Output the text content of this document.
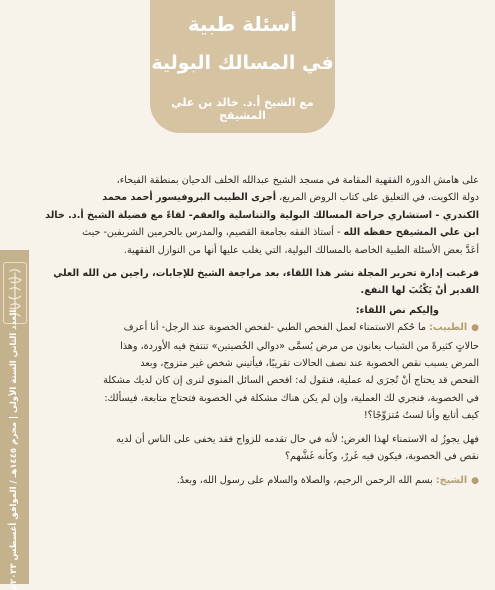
أسئلة طبية
في المسالك البولية
مع الشيخ أ.د. خالد بن علي المشيقح
العدد الثاني السنة الأولى | محرم ١٤٤٥هـ / الموافق أغسطس ٢٠٢٣م

على هامش الدورة الفقهية المقامة في مسجد الشيخ عبدالله الخلف الدحيان بمنطقة الفيحاء،
دولة الكويت، في التعليق على كتاب الروض المربع، أجرى الطبيب البروفيسور أحمد محمد
الكندري - استشاري جراحة المسالك البولية والتناسلية والعقم- لقاءً مع فضيلة الشيخ أ.د. خالد
ابن علي المشيقح حفظه الله - أستاذ الفقه بجامعة القصيم، والمدرس بالحرمين الشريفين- حيث
أعَدَّ بعض الأسئلة الطبية الخاصة بالمسالك البولية، التي يغلب عليها أنها من النوازل الفقهية.

فرغبت إدارة تحرير المجلة نشر هذا اللقاء، بعد مراجعة الشيخ للإجابات، راجين من الله العلي
القدير أنْ يَكْتُبَ لها النفع.

وإليكم نص اللقاء:

●الطبيب: ما حُكم الاستمناء لعمل الفحص الطبي -لفحص الخصوبة عند الرجل- أنا أعرف
حالاتٍ كثيرةً من الشباب يعانون من مرض يُسمَّى «دوالي الخُصيتين» تنتفخ فيه الأوردة، وهذا
المرض يسبب نقص الخصوبة عند نصف الحالات تقريبًا، فيأتيني شخص غير متزوج، وبعد
الفحص قد يحتاج أنْ تُجرَى له عملية، فنقول له: افحص السائل المنوي لنرى إن كان لديك مشكلة
في الخصوبة، فنجري لك العملية، وإن لم يكن هناك مشكلة في الخصوبة فتحتاج متابعة، فيسألك:
كيف أتابع وأنا لستُ مُتزوِّجًا؟!

فهل يجوزُ له الاستمناء لهذا الغرض؛ لأنه في حال تقدمه للزواج فقد يخفى على الناس أن لديه
نقص في الخصوبة، فيكون فيه غَررٌ، وكأنه غَشَّهم؟

●الشيخ: بسم الله الرحمن الرحيم، والصلاة والسلام على رسول الله، وبعدُ.
